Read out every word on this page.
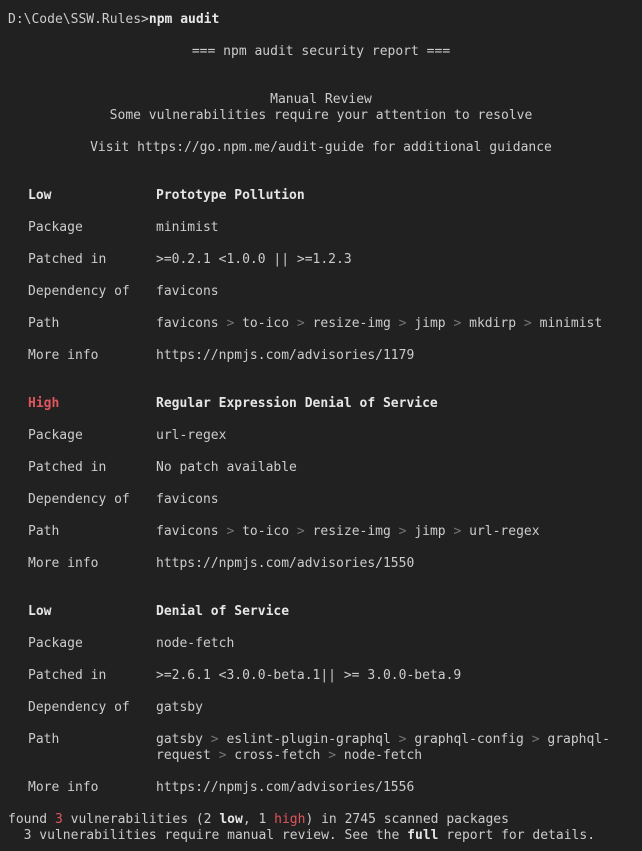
D:\Code\SSW.Rules>npm audit
=== npm audit security report ===
Manual Review
Some vulnerabilities require your attention to resolve
Visit https://go.npm.me/audit-guide for additional guidance
Low	Prototype Pollution
Package	minimist
Patched in	>=0.2.1 <1.0.0 || >=1.2.3
Dependency of	favicons
Path	favicons > to-ico > resize-img > jimp > mkdirp > minimist
More info	https://npmjs.com/advisories/1179
High	Regular Expression Denial of Service
Package	url-regex
Patched in	No patch available
Dependency of	favicons
Path	favicons > to-ico > resize-img > jimp > url-regex
More info	https://npmjs.com/advisories/1550
Low	Denial of Service
Package	node-fetch
Patched in	>=2.6.1 <3.0.0-beta.1|| >= 3.0.0-beta.9
Dependency of	gatsby
Path	gatsby > eslint-plugin-graphql > graphql-config > graphql-request > cross-fetch > node-fetch
More info	https://npmjs.com/advisories/1556
found 3 vulnerabilities (2 low, 1 high) in 2745 scanned packages
3 vulnerabilities require manual review. See the full report for details.
